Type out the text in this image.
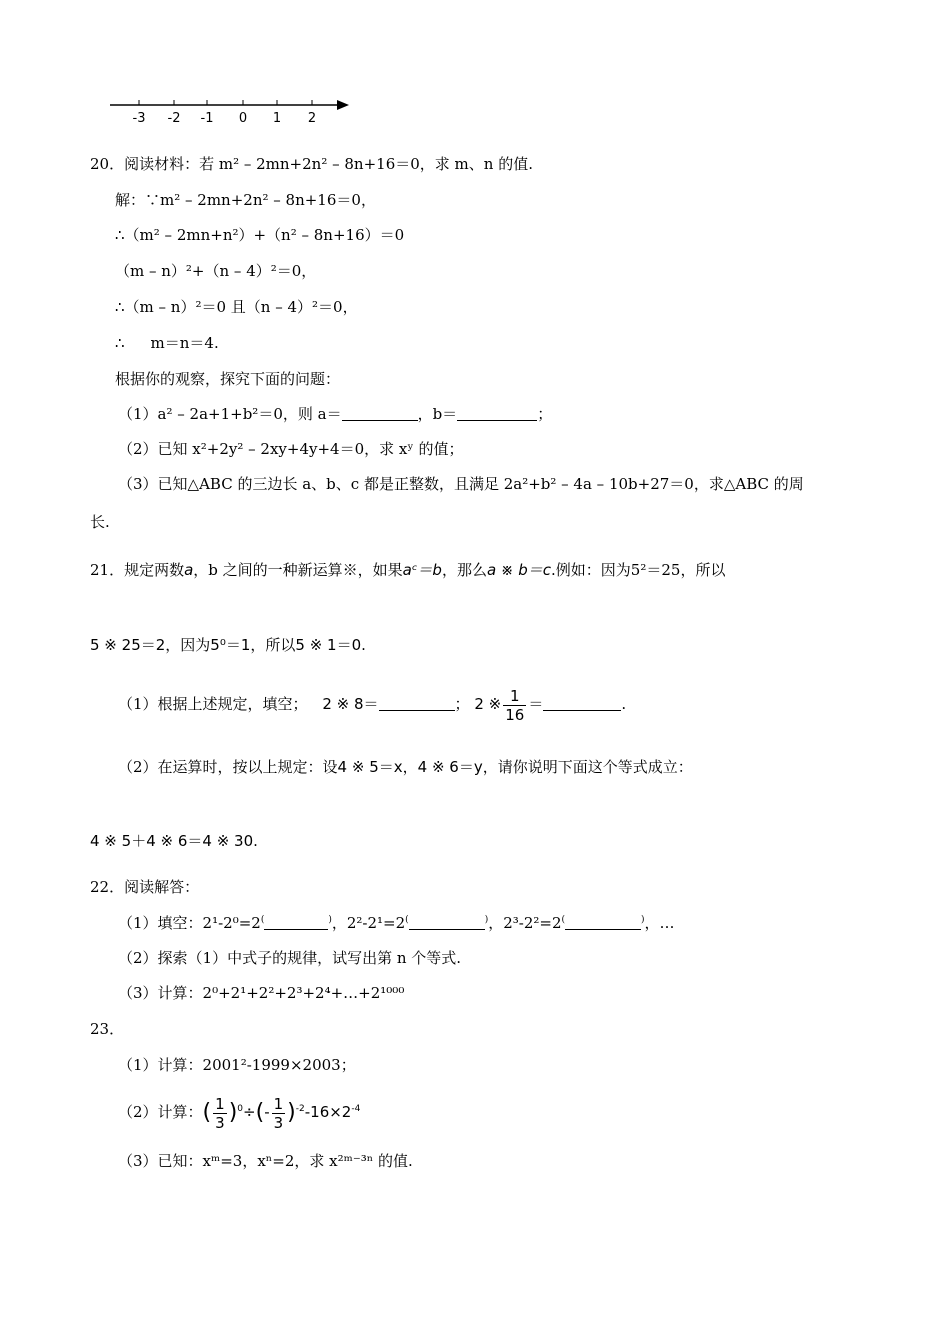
-3 -2 -1 0 1 2
20．阅读材料：若 m² – 2mn+2n² – 8n+16＝0，求 m、n 的值.
解：∵m² – 2mn+2n² – 8n+16＝0，
∴（m² – 2mn+n²）+（n² – 8n+16）＝0
（m – n）²+（n – 4）²＝0，
∴（m – n）²＝0 且（n – 4）²＝0，
∴ m＝n＝4.
根据你的观察，探究下面的问题：
（1）a² – 2a+1+b²＝0，则 a＝	，b＝	；
（2）已知 x²+2y² – 2xy+4y+4＝0，求 xʸ 的值；
（3）已知△ABC 的三边长 a、b、c 都是正整数，且满足 2a²+b² – 4a – 10b+27＝0，求△ABC 的周
长.
21．规定两数a，b 之间的一种新运算※，如果aᶜ＝b，那么a ※ b＝c.例如：因为5²＝25，所以
5 ※ 25＝2，因为5⁰＝1，所以5 ※ 1＝0.
（1）根据上述规定，填空； 2 ※ 8＝	； 2 ※ $\frac{1}{16}$ ＝	.
（2）在运算时，按以上规定：设4 ※ 5＝x，4 ※ 6＝y，请你说明下面这个等式成立：
4 ※ 5＋4 ※ 6＝4 ※ 30.
22．阅读解答：
（1）填空：2¹-2⁰=2(	)，2²-2¹=2(	)，2³-2²=2(	)，…
（2）探索（1）中式子的规律，试写出第 n 个等式.
（3）计算：2⁰+2¹+2²+2³+2⁴+…+2¹⁰⁰⁰
23．
（1）计算：2001²-1999×2003；
（2）计算：( $\frac{1}{3} )^0\div(- \frac{1}{3} )^{-2}-16\times 2^{-4}$
（3）已知：xᵐ=3，xⁿ=2，求 x²ᵐ⁻³ⁿ 的值.
